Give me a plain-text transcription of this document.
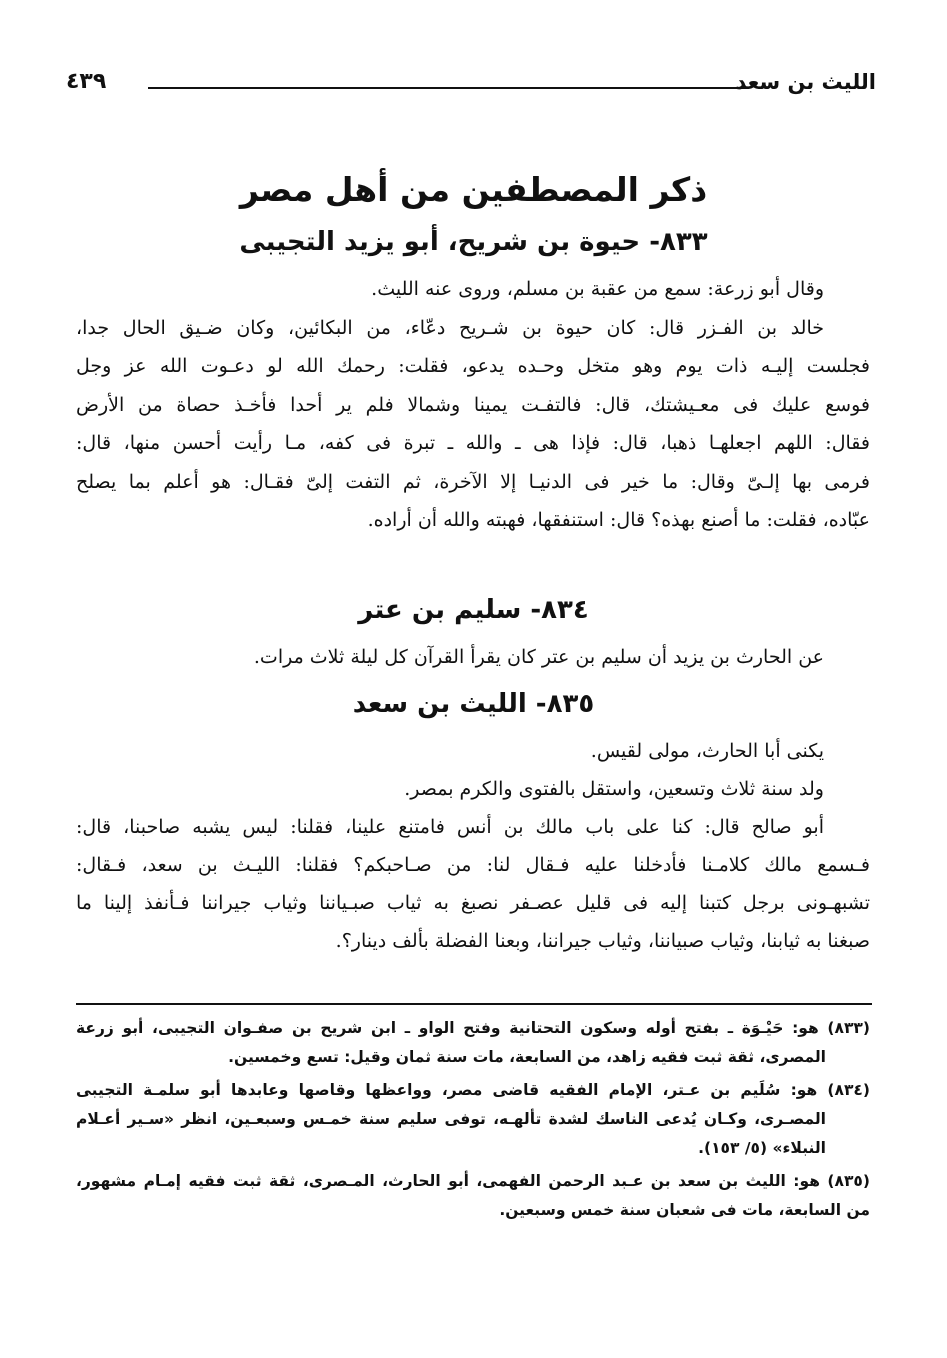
الليث بن سعد
٤٣٩
ذكر المصطفين من أهل مصر
٨٣٣- حيوة بن شريح، أبو يزيد التجيبى
وقال أبو زرعة: سمع من عقبة بن مسلم، وروى عنه الليث.
خالد بن الفـزر قال: كان حيوة بن شـريح دعّاء، من البكائين، وكان ضـيق الحال جدا،
فجلست إليـه ذات يوم وهو متخل وحـده يدعو، فقلت: رحمك الله لو دعـوت الله عز وجل
فوسع عليك فى معـيشتك، قال: فالتفـت يمينا وشمالا فلم ير أحدا فأخـذ حصاة من الأرض
فقال: اللهم اجعلهـا ذهبا، قال: فإذا هى ـ والله ـ تبرة فى كفه، مـا رأيت أحسن منها، قال:
فرمى بها إلـىّ وقال: ما خير فى الدنيـا إلا الآخرة، ثم التفت إلىّ فقـال: هو أعلم بما يصلح
عبّاده، فقلت: ما أصنع بهذه؟ قال: استنفقها، فهبته والله أن أراده.
٨٣٤- سليم بن عتر
عن الحارث بن يزيد أن سليم بن عتر كان يقرأ القرآن كل ليلة ثلاث مرات.
٨٣٥- الليث بن سعد
يكنى أبا الحارث، مولى لقيس.
ولد سنة ثلاث وتسعين، واستقل بالفتوى والكرم بمصر.
أبو صالح قال: كنا على باب مالك بن أنس فامتنع علينا، فقلنا: ليس يشبه صاحبنا، قال:
فـسمع مالك كلامـنا فأدخلنا عليه فـقال لنا: من صـاحبكم؟ فقلنا: الليـث بن سعد، فـقال:
تشبهـونى برجل كتبنا إليه فى قليل عصـفر نصبغ به ثياب صبـياننا وثياب جيراننا فـأنفذ إلينا ما
صبغنا به ثيابنا، وثياب صبياننا، وثياب جيراننا، وبعنا الفضلة بألف دينار؟.
(٨٣٣) هو: حَيْـوَة ـ بفتح أوله وسكون التحتانية وفتح الواو ـ ابن شريح بن صفـوان التجيبى، أبو زرعة
المصرى، ثقة ثبت فقيه زاهد، من السابعة، مات سنة ثمان وقيل: تسع وخمسين.
(٨٣٤) هو: سُلَيم بن عـتر، الإمام الفقيه قاضى مصر، وواعظها وقاصها وعابدها أبو سلمـة التجيبى
المصـرى، وكـان يُدعى الناسك لشدة تألهـه، توفى سليم سنة خمـس وسبعـين، انظر «سـير أعـلام
النبلاء» (٥/ ١٥٣).
(٨٣٥) هو: الليث بن سعد بن عـبد الرحمن الفهمى، أبو الحارث، المـصرى، ثقة ثبت فقيه إمـام مشهور،
من السابعة، مات فى شعبان سنة خمس وسبعين.
